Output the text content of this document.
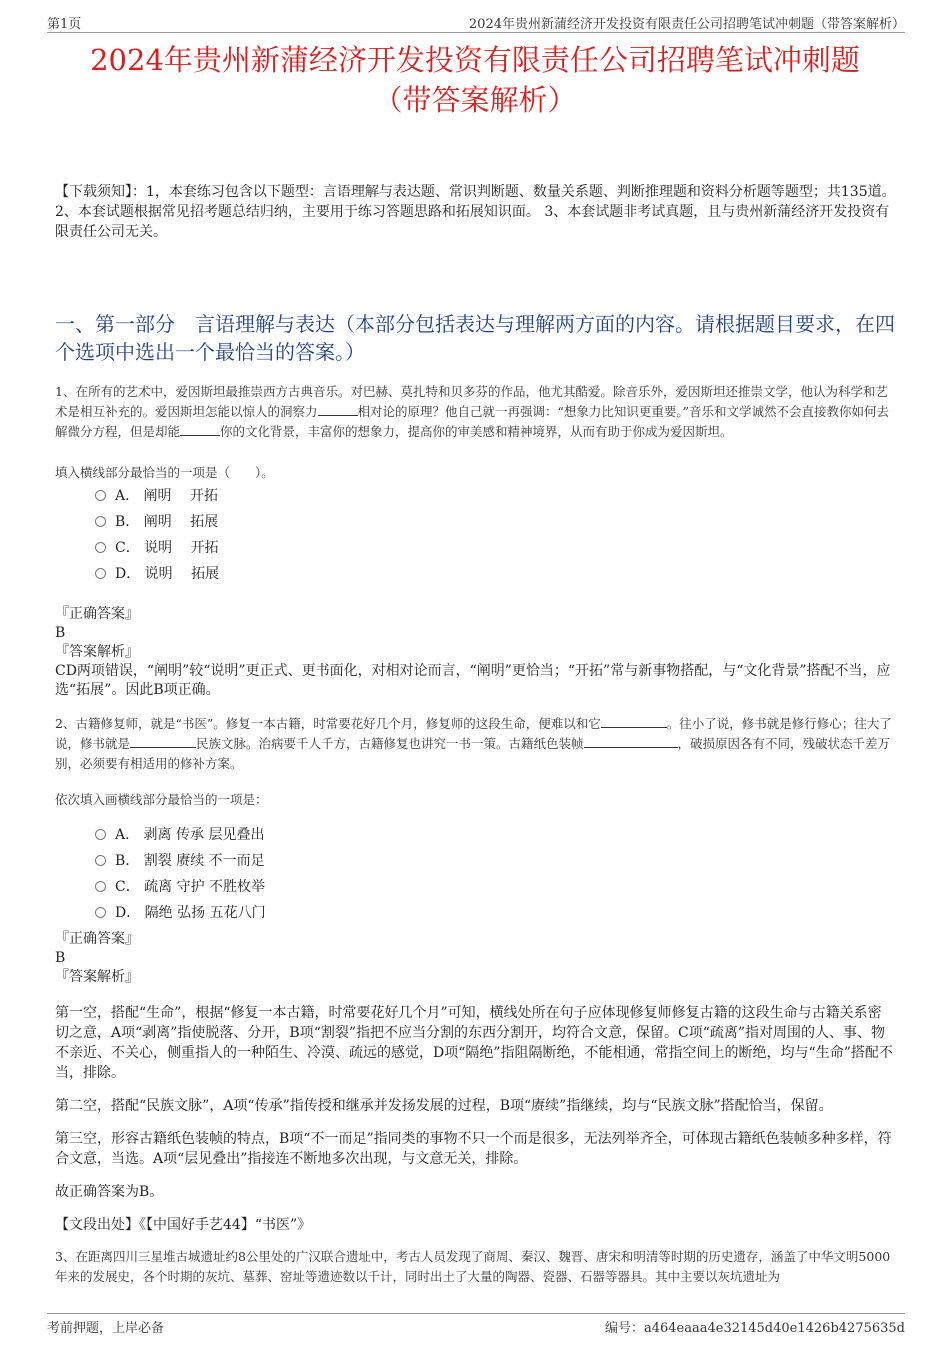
第1页	2024年贵州新蒲经济开发投资有限责任公司招聘笔试冲刺题（带答案解析）
2024年贵州新蒲经济开发投资有限责任公司招聘笔试冲刺题
（带答案解析）
【下载须知】：1，本套练习包含以下题型：言语理解与表达题、常识判断题、数量关系题、判断推理题和资料分析题等题型；共135道。 2、本套试题根据常见招考题总结归纳，主要用于练习答题思路和拓展知识面。 3、本套试题非考试真题，且与贵州新蒲经济开发投资有限责任公司无关。
一、第一部分　言语理解与表达（本部分包括表达与理解两方面的内容。请根据题目要求，在四个选项中选出一个最恰当的答案。）
1、在所有的艺术中，爱因斯坦最推崇西方古典音乐。对巴赫、莫扎特和贝多芬的作品，他尤其酷爱。除音乐外，爱因斯坦还推崇文学，他认为科学和艺术是相互补充的。爱因斯坦怎能以惊人的洞察力	相对论的原理？他自己就一再强调：“想象力比知识更重要。”音乐和文学诚然不会直接教你如何去解微分方程，但是却能	你的文化背景，丰富你的想象力，提高你的审美感和精神境界，从而有助于你成为爱因斯坦。
填入横线部分最恰当的一项是（　　）。
A． 阐明　 开拓
B． 阐明　 拓展
C． 说明　 开拓
D． 说明　 拓展
『正确答案』
B
『答案解析』
CD两项错误，“阐明”较“说明”更正式、更书面化，对相对论而言，“阐明”更恰当；“开拓”常与新事物搭配，与“文化背景”搭配不当，应选“拓展”。因此B项正确。
2、古籍修复师，就是“书医”。修复一本古籍，时常要花好几个月，修复师的这段生命，便难以和它	。往小了说，修书就是修行修心；往大了说，修书就是	民族文脉。治病要千人千方，古籍修复也讲究一书一策。古籍纸色装帧	，破损原因各有不同，残破状态千差万别，必须要有相适用的修补方案。
依次填入画横线部分最恰当的一项是：
A． 剥离 传承 层见叠出
B． 割裂 赓续 不一而足
C． 疏离 守护 不胜枚举
D． 隔绝 弘扬 五花八门
『正确答案』
B
『答案解析』

第一空，搭配“生命”，根据“修复一本古籍，时常要花好几个月”可知，横线处所在句子应体现修复师修复古籍的这段生命与古籍关系密切之意，A项“剥离”指使脱落、分开，B项“割裂”指把不应当分割的东西分割开，均符合文意，保留。C项“疏离”指对周围的人、事、物不亲近、不关心，侧重指人的一种陌生、冷漠、疏远的感觉，D项“隔绝”指阻隔断绝，不能相通，常指空间上的断绝，均与“生命”搭配不当，排除。

第二空，搭配“民族文脉”，A项“传承”指传授和继承并发扬发展的过程，B项“赓续”指继续，均与“民族文脉”搭配恰当，保留。

第三空，形容古籍纸色装帧的特点，B项“不一而足”指同类的事物不只一个而是很多，无法列举齐全，可体现古籍纸色装帧多种多样，符合文意，当选。A项“层见叠出”指接连不断地多次出现，与文意无关，排除。

故正确答案为B。

【文段出处】《【中国好手艺44】“书医”》

3、在距离四川三星堆古城遗址约8公里处的广汉联合遗址中，考古人员发现了商周、秦汉、魏晋、唐宋和明清等时期的历史遗存，涵盖了中华文明5000年来的发展史，各个时期的灰坑、墓葬、窑址等遗迹数以千计，同时出土了大量的陶器、瓷器、石器等器具。其中主要以灰坑遗址为
考前押题，上岸必备	编号：a464eaaa4e32145d40e1426b4275635d
